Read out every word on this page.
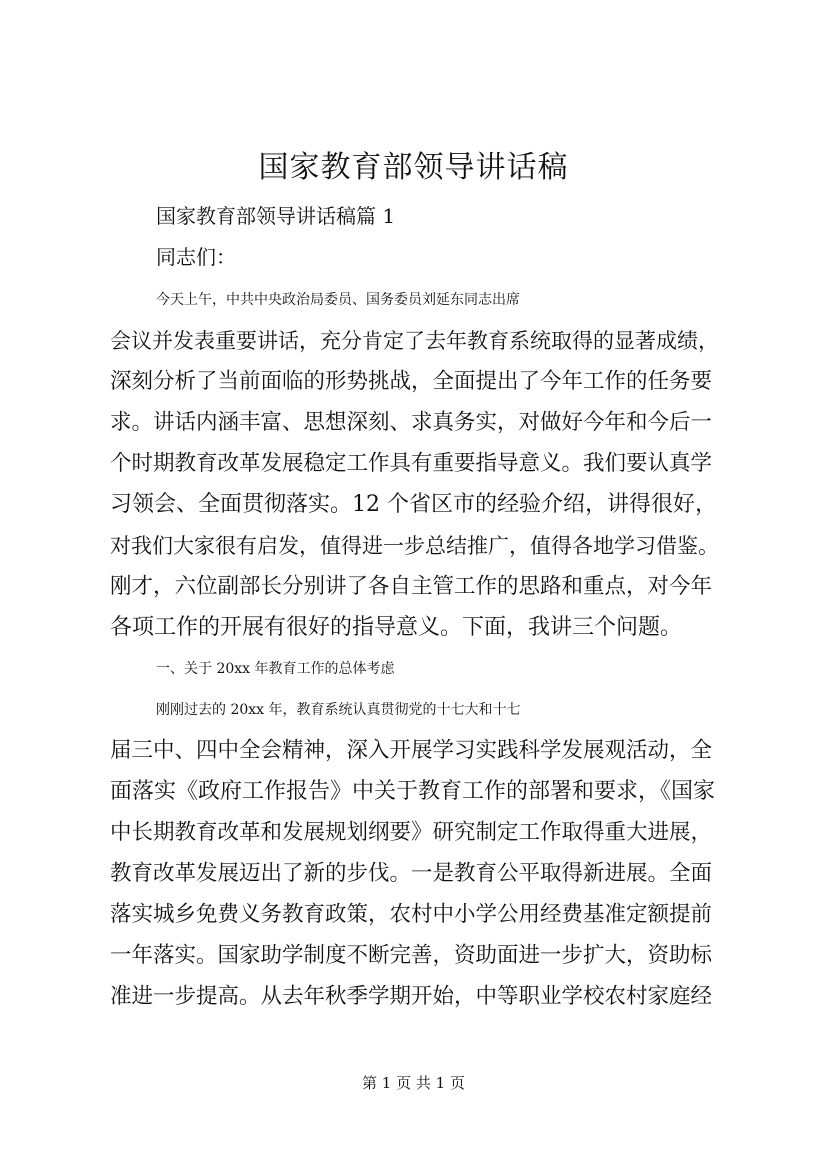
国家教育部领导讲话稿

国家教育部领导讲话稿篇 1

同志们：

今天上午，中共中央政治局委员、国务委员刘延东同志出席

会议并发表重要讲话，充分肯定了去年教育系统取得的显著成绩，

深刻分析了当前面临的形势挑战，全面提出了今年工作的任务要

求。讲话内涵丰富、思想深刻、求真务实，对做好今年和今后一

个时期教育改革发展稳定工作具有重要指导意义。我们要认真学

习领会、全面贯彻落实。12 个省区市的经验介绍，讲得很好，

对我们大家很有启发，值得进一步总结推广，值得各地学习借鉴。

刚才，六位副部长分别讲了各自主管工作的思路和重点，对今年

各项工作的开展有很好的指导意义。下面，我讲三个问题。

一、关于 20xx 年教育工作的总体考虑

刚刚过去的 20xx 年，教育系统认真贯彻党的十七大和十七

届三中、四中全会精神，深入开展学习实践科学发展观活动，全

面落实《政府工作报告》中关于教育工作的部署和要求，《国家

中长期教育改革和发展规划纲要》研究制定工作取得重大进展，

教育改革发展迈出了新的步伐。一是教育公平取得新进展。全面

落实城乡免费义务教育政策，农村中小学公用经费基准定额提前

一年落实。国家助学制度不断完善，资助面进一步扩大，资助标

准进一步提高。从去年秋季学期开始，中等职业学校农村家庭经

第 1 页 共 1 页
